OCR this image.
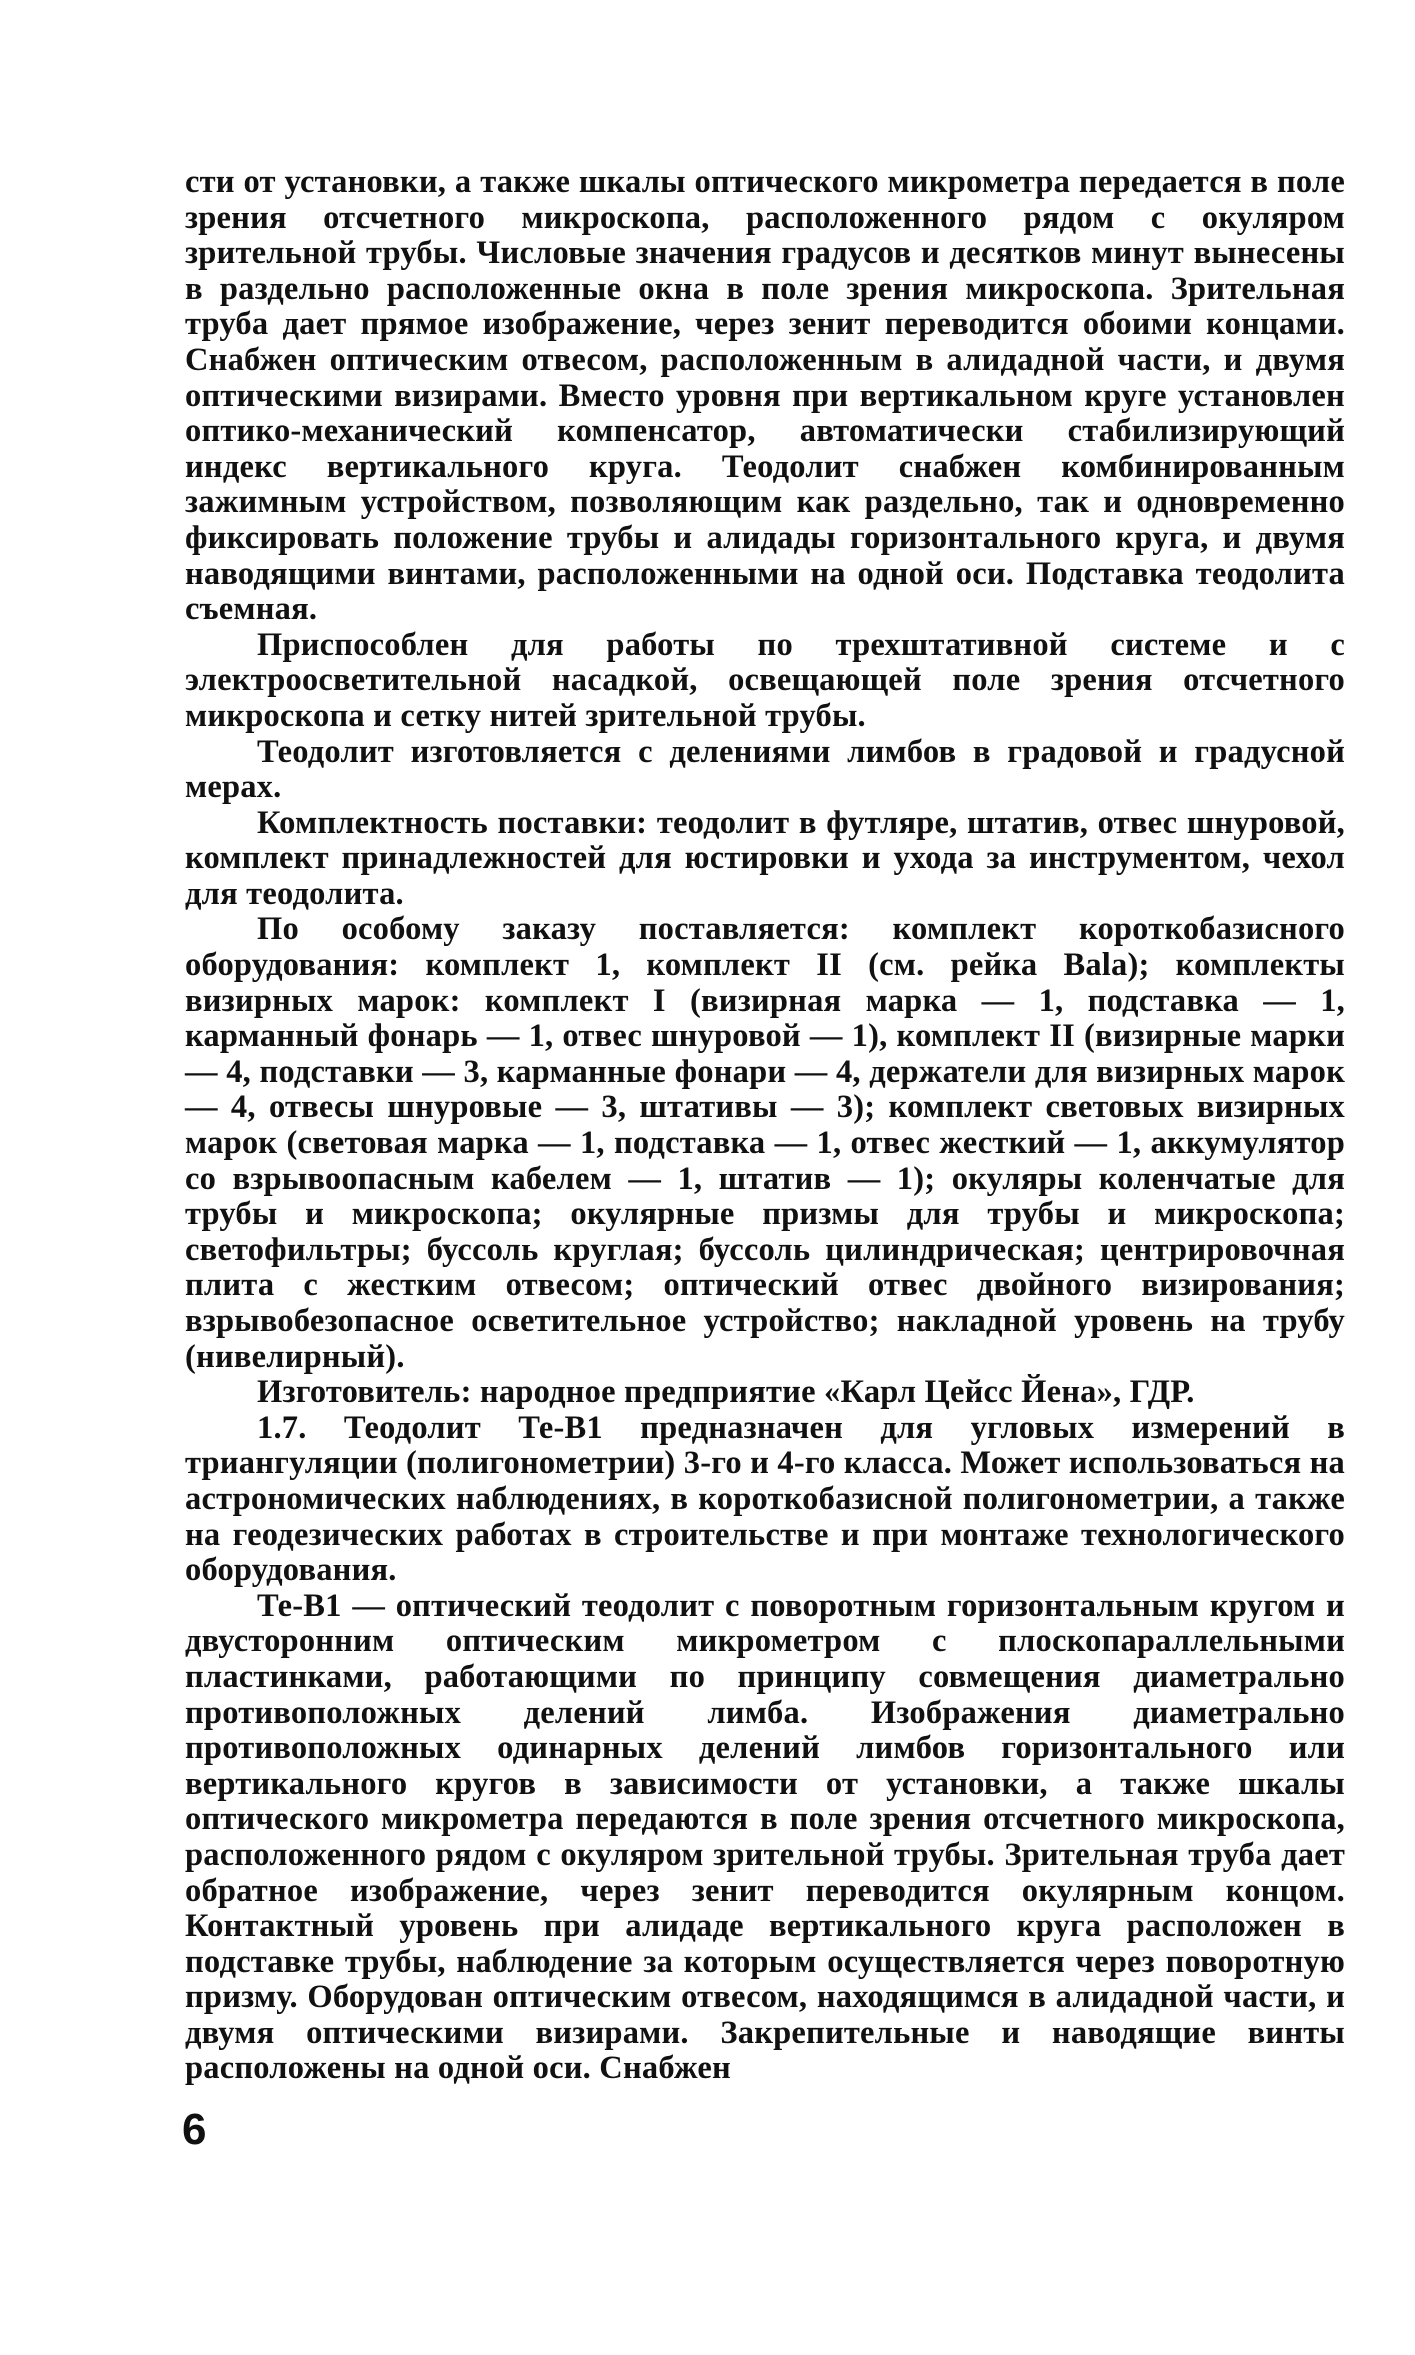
сти от установки, а также шкалы оптического микрометра передается в поле зрения отсчетного микроскопа, расположенного рядом с окуляром зрительной трубы. Числовые значения градусов и десятков минут вынесены в раздельно расположенные окна в поле зрения микроскопа. Зрительная труба дает прямое изображение, через зенит переводится обоими концами. Снабжен оптическим отвесом, расположенным в алидадной части, и двумя оптическими визирами. Вместо уровня при вертикальном круге установлен оптико-механический компенсатор, автоматически стабилизирующий индекс вертикального круга. Теодолит снабжен комбинированным зажимным устройством, позволяющим как раздельно, так и одновременно фиксировать положение трубы и алидады горизонтального круга, и двумя наводящими винтами, расположенными на одной оси. Подставка теодолита съемная.

Приспособлен для работы по трехштативной системе и с электроосветительной насадкой, освещающей поле зрения отсчетного микроскопа и сетку нитей зрительной трубы.

Теодолит изготовляется с делениями лимбов в градовой и градусной мерах.

Комплектность поставки: теодолит в футляре, штатив, отвес шнуровой, комплект принадлежностей для юстировки и ухода за инструментом, чехол для теодолита.

По особому заказу поставляется: комплект короткобазисного оборудования: комплект 1, комплект II (см. рейка Bala); комплекты визирных марок: комплект I (визирная марка — 1, подставка — 1, карманный фонарь — 1, отвес шнуровой — 1), комплект II (визирные марки — 4, подставки — 3, карманные фонари — 4, держатели для визирных марок — 4, отвесы шнуровые — 3, штативы — 3); комплект световых визирных марок (световая марка — 1, подставка — 1, отвес жесткий — 1, аккумулятор со взрывоопасным кабелем — 1, штатив — 1); окуляры коленчатые для трубы и микроскопа; окулярные призмы для трубы и микроскопа; светофильтры; буссоль круглая; буссоль цилиндрическая; центрировочная плита с жестким отвесом; оптический отвес двойного визирования; взрывобезопасное осветительное устройство; накладной уровень на трубу (нивелирный).

Изготовитель: народное предприятие «Карл Цейсс Йена», ГДР.

1.7. Теодолит Те-В1 предназначен для угловых измерений в триангуляции (полигонометрии) 3-го и 4-го класса. Может использоваться на астрономических наблюдениях, в короткобазисной полигонометрии, а также на геодезических работах в строительстве и при монтаже технологического оборудования.

Те-В1 — оптический теодолит с поворотным горизонтальным кругом и двусторонним оптическим микрометром с плоскопараллельными пластинками, работающими по принципу совмещения диаметрально противоположных делений лимба. Изображения диаметрально противоположных одинарных делений лимбов горизонтального или вертикального кругов в зависимости от установки, а также шкалы оптического микрометра передаются в поле зрения отсчетного микроскопа, расположенного рядом с окуляром зрительной трубы. Зрительная труба дает обратное изображение, через зенит переводится окулярным концом. Контактный уровень при алидаде вертикального круга расположен в подставке трубы, наблюдение за которым осуществляется через поворотную призму. Оборудован оптическим отвесом, находящимся в алидадной части, и двумя оптическими визирами. Закрепительные и наводящие винты расположены на одной оси. Снабжен

6
